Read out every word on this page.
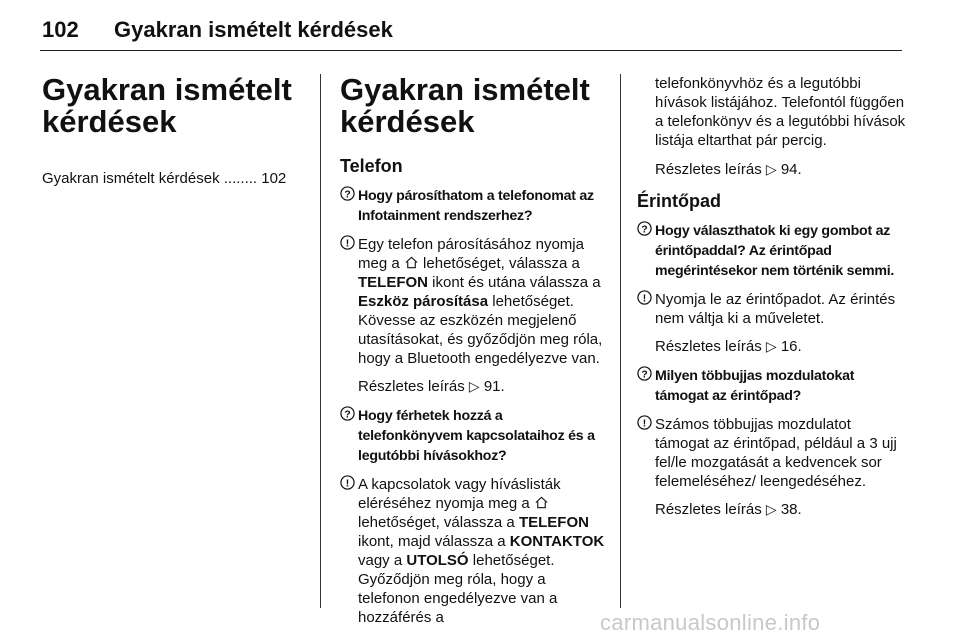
102 Gyakran ismételt kérdések
Gyakran ismételt
kérdések
Gyakran ismételt kérdések ........ 102
Gyakran ismételt
kérdések
Telefon
? Hogy párosíthatom a telefonomat az Infotainment rendszerhez?
! Egy telefon párosításához nyomja meg a lehetőséget, válassza a TELEFON ikont és utána válassza a Eszköz párosítása lehetőséget. Kövesse az eszközén megjelenő utasításokat, és győződjön meg róla, hogy a Bluetooth engedélyezve van.
Részletes leírás ▷ 91.
? Hogy férhetek hozzá a telefonkönyvem kapcsolataihoz és a legutóbbi hívásokhoz?
! A kapcsolatok vagy híváslisták eléréséhez nyomja meg a  lehetőséget, válassza a TELEFON ikont, majd válassza a KONTAKTOK vagy a UTOLSÓ lehetőséget. Győződjön meg róla, hogy a telefonon engedélyezve van a hozzáférés a
telefonkönyvhöz és a legutóbbi hívások listájához. Telefontól függően a telefonkönyv és a legutóbbi hívások listája eltarthat pár percig.
Részletes leírás ▷ 94.
Érintőpad
? Hogy választhatok ki egy gombot az érintőpaddal? Az érintőpad megérintésekor nem történik semmi.
! Nyomja le az érintőpadot. Az érintés nem váltja ki a műveletet.
Részletes leírás ▷ 16.
? Milyen többujjas mozdulatokat támogat az érintőpad?
! Számos többujjas mozdulatot támogat az érintőpad, például a 3 ujj fel/le mozgatását a kedvencek sor felemeléséhez/ leengedéséhez.
Részletes leírás ▷ 38.
carmanualsonline.info
